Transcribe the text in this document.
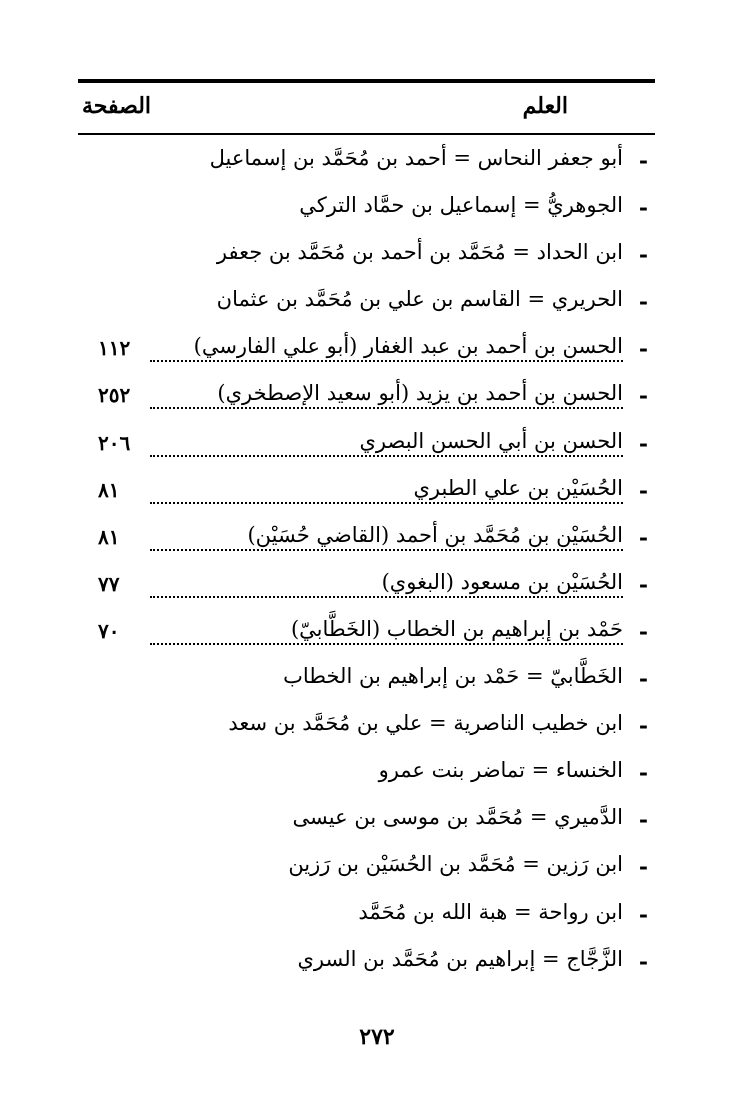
العلم
الصفحة
-
أبو جعفر النحاس = أحمد بن مُحَمَّد بن إسماعيل
-
الجوهريُّ = إسماعيل بن حمَّاد التركي
-
ابن الحداد = مُحَمَّد بن أحمد بن مُحَمَّد بن جعفر
-
الحريري = القاسم بن علي بن مُحَمَّد بن عثمان
-
الحسن بن أحمد بن عبد الغفار (أبو علي الفارسي)
١١٢
-
الحسن بن أحمد بن يزيد (أبو سعيد الإصطخري)
٢٥٢
-
الحسن بن أبي الحسن البصري
٢٠٦
-
الحُسَيْن بن علي الطبري
٨١
-
الحُسَيْن بن مُحَمَّد بن أحمد (القاضي حُسَيْن)
٨١
-
الحُسَيْن بن مسعود (البغوي)
٧٧
-
حَمْد بن إبراهيم بن الخطاب (الخَطَّابيّ)
٧٠
-
الخَطَّابيّ = حَمْد بن إبراهيم بن الخطاب
-
ابن خطيب الناصرية = علي بن مُحَمَّد بن سعد
-
الخنساء = تماضر بنت عمرو
-
الدَّميري = مُحَمَّد بن موسى بن عيسى
-
ابن رَزين = مُحَمَّد بن الحُسَيْن بن رَزين
-
ابن رواحة = هبة الله بن مُحَمَّد
-
الزَّجَّاج = إبراهيم بن مُحَمَّد بن السري
٢٧٢
